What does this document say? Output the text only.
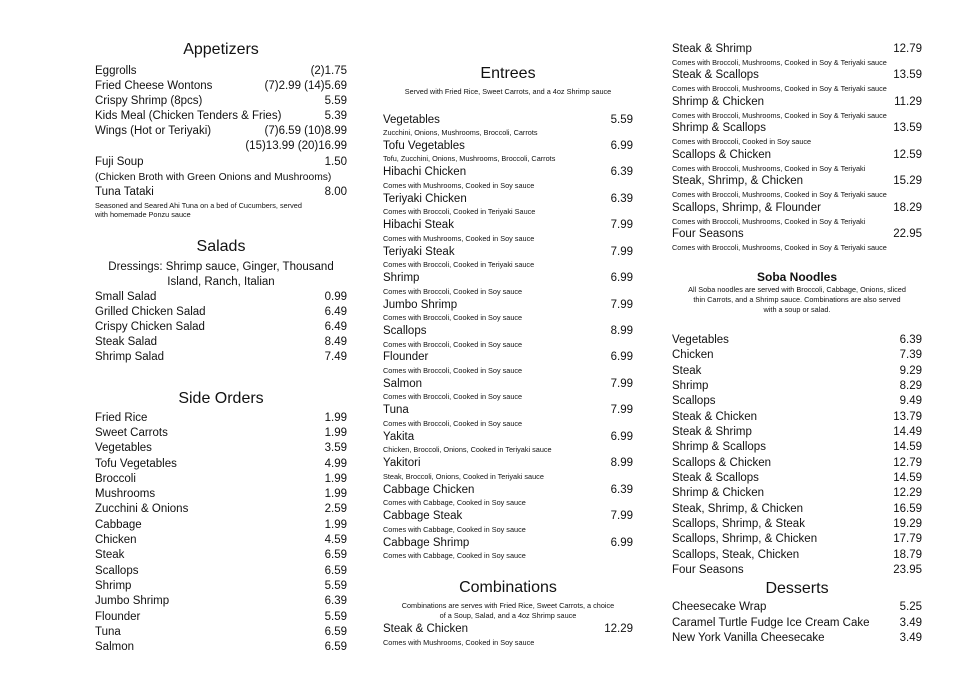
Appetizers
Eggrolls	(2)1.75
Fried Cheese Wontons	(7)2.99 (14)5.69
Crispy Shrimp (8pcs)	5.59
Kids Meal (Chicken Tenders & Fries)	5.39
Wings (Hot or Teriyaki)	(7)6.59 (10)8.99
(15)13.99 (20)16.99
Fuji Soup	1.50
(Chicken Broth with Green Onions and Mushrooms)
Tuna Tataki	8.00
Seasoned and Seared Ahi Tuna on a bed of Cucumbers, served
with homemade Ponzu sauce
Salads
Dressings: Shrimp sauce, Ginger, Thousand
Island, Ranch, Italian
Small Salad	0.99
Grilled Chicken Salad	6.49
Crispy Chicken Salad	6.49
Steak Salad	8.49
Shrimp Salad	7.49
Side Orders
Fried Rice	1.99
Sweet Carrots	1.99
Vegetables	3.59
Tofu Vegetables	4.99
Broccoli	1.99
Mushrooms	1.99
Zucchini & Onions	2.59
Cabbage	1.99
Chicken	4.59
Steak	6.59
Scallops	6.59
Shrimp	5.59
Jumbo Shrimp	6.39
Flounder	5.59
Tuna	6.59
Salmon	6.59
Entrees
Served with Fried Rice, Sweet Carrots, and a 4oz Shrimp sauce
Vegetables	5.59
Zucchini, Onions, Mushrooms, Broccoli, Carrots
Tofu Vegetables	6.99
Tofu, Zucchini, Onions, Mushrooms, Broccoli, Carrots
Hibachi Chicken	6.39
Comes with Mushrooms, Cooked in Soy sauce
Teriyaki Chicken	6.39
Comes with Broccoli, Cooked in Teriyaki Sauce
Hibachi Steak	7.99
Comes with Mushrooms, Cooked in Soy sauce
Teriyaki Steak	7.99
Comes with Broccoli, Cooked in Teriyaki sauce
Shrimp	6.99
Comes with Broccoli, Cooked in Soy sauce
Jumbo Shrimp	7.99
Comes with Broccoli, Cooked in Soy sauce
Scallops	8.99
Comes with Broccoli, Cooked in Soy sauce
Flounder	6.99
Comes with Broccoli, Cooked in Soy sauce
Salmon	7.99
Comes with Broccoli, Cooked in Soy sauce
Tuna	7.99
Comes with Broccoli, Cooked in Soy sauce
Yakita	6.99
Chicken, Broccoli, Onions, Cooked in Teriyaki sauce
Yakitori	8.99
Steak, Broccoli, Onions, Cooked in Teriyaki sauce
Cabbage Chicken	6.39
Comes with Cabbage, Cooked in Soy sauce
Cabbage Steak	7.99
Comes with Cabbage, Cooked in Soy sauce
Cabbage Shrimp	6.99
Comes with Cabbage, Cooked in Soy sauce
Combinations
Combinations are serves with Fried Rice, Sweet Carrots, a choice
of a Soup, Salad, and a 4oz Shrimp sauce
Steak & Chicken	12.29
Comes with Mushrooms, Cooked in Soy sauce
Steak & Shrimp	12.79
Comes with Broccoli, Mushrooms, Cooked in Soy & Teriyaki sauce
Steak & Scallops	13.59
Comes with Broccoli, Mushrooms, Cooked in Soy & Teriyaki sauce
Shrimp & Chicken	11.29
Comes with Broccoli, Mushrooms, Cooked in Soy & Teriyaki sauce
Shrimp & Scallops	13.59
Comes with Broccoli, Cooked in Soy sauce
Scallops & Chicken	12.59
Comes with Broccoli, Mushrooms, Cooked in Soy & Teriyaki
Steak, Shrimp, & Chicken	15.29
Comes with Broccoli, Mushrooms, Cooked in Soy & Teriyaki sauce
Scallops, Shrimp, & Flounder	18.29
Comes with Broccoli, Mushrooms, Cooked in Soy & Teriyaki
Four Seasons	22.95
Comes with Broccoli, Mushrooms, Cooked in Soy & Teriyaki sauce
Soba Noodles
All Soba noodles are served with Broccoli, Cabbage, Onions, sliced
thin Carrots, and a Shrimp sauce. Combinations are also served
with a soup or salad.
Vegetables	6.39
Chicken	7.39
Steak	9.29
Shrimp	8.29
Scallops	9.49
Steak & Chicken	13.79
Steak & Shrimp	14.49
Shrimp & Scallops	14.59
Scallops & Chicken	12.79
Steak & Scallops	14.59
Shrimp & Chicken	12.29
Steak, Shrimp, & Chicken	16.59
Scallops, Shrimp, & Steak	19.29
Scallops, Shrimp, & Chicken	17.79
Scallops, Steak, Chicken	18.79
Four Seasons	23.95
Desserts
Cheesecake Wrap	5.25
Caramel Turtle Fudge Ice Cream Cake	3.49
New York Vanilla Cheesecake	3.49
